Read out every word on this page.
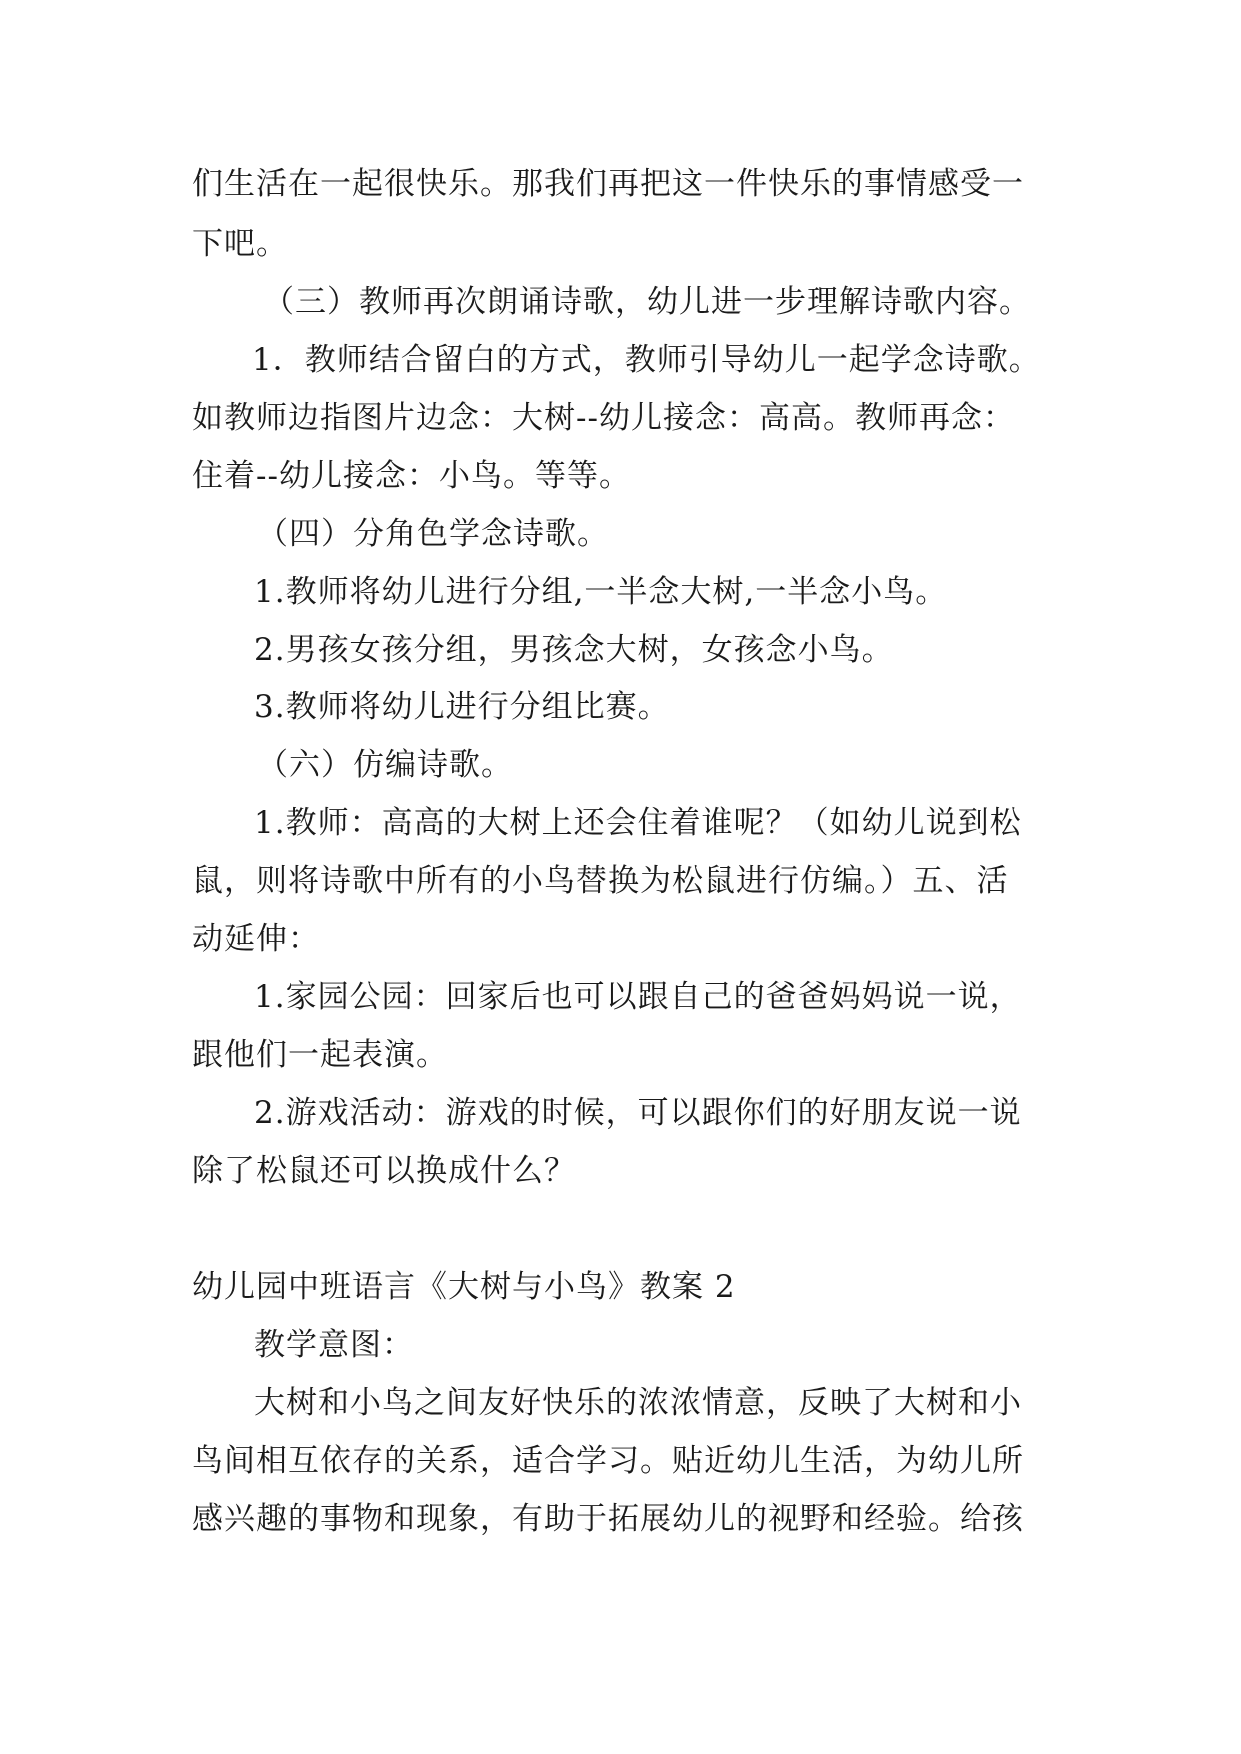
们生活在一起很快乐。那我们再把这一件快乐的事情感受一
下吧。
（三）教师再次朗诵诗歌，幼儿进一步理解诗歌内容。
1．教师结合留白的方式，教师引导幼儿一起学念诗歌。
如教师边指图片边念：大树--幼儿接念：高高。教师再念：
住着--幼儿接念：小鸟。等等。
（四）分角色学念诗歌。
1.教师将幼儿进行分组,一半念大树,一半念小鸟。
2.男孩女孩分组，男孩念大树，女孩念小鸟。
3.教师将幼儿进行分组比赛。
（六）仿编诗歌。
1.教师：高高的大树上还会住着谁呢？（如幼儿说到松
鼠，则将诗歌中所有的小鸟替换为松鼠进行仿编。）五、活
动延伸：
1.家园公园：回家后也可以跟自己的爸爸妈妈说一说，
跟他们一起表演。
2.游戏活动：游戏的时候，可以跟你们的好朋友说一说
除了松鼠还可以换成什么？
幼儿园中班语言《大树与小鸟》教案 2
教学意图：
大树和小鸟之间友好快乐的浓浓情意，反映了大树和小
鸟间相互依存的关系，适合学习。贴近幼儿生活，为幼儿所
感兴趣的事物和现象，有助于拓展幼儿的视野和经验。给孩
